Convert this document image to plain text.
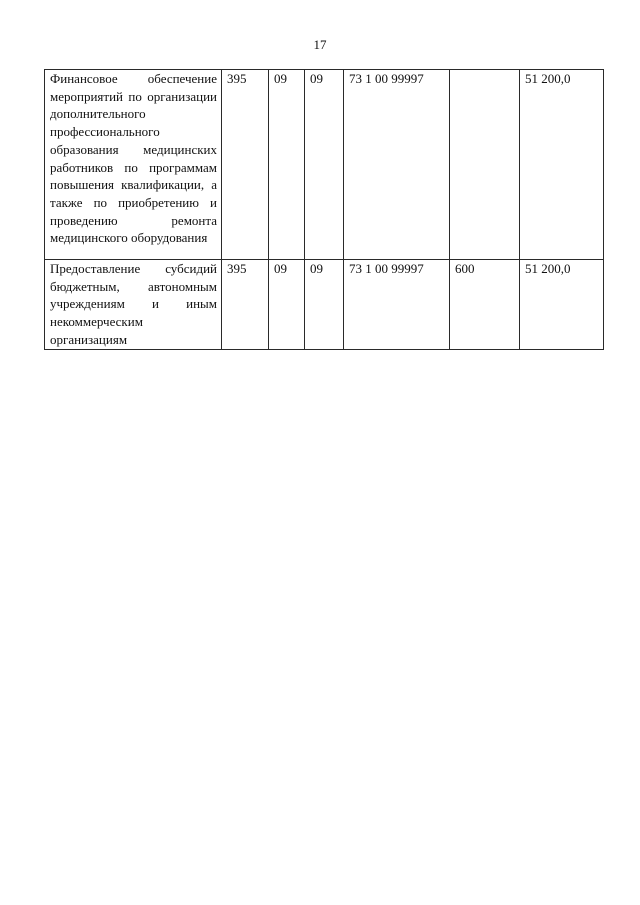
17
Финансовое обеспечение мероприятий по организации дополнительного профессионального образования медицинских работников по программам повышения квалификации, а также по приобретению и проведению ремонта медицинского оборудования	395	09	09	73 1 00 99997		51 200,0
Предоставление субсидий бюджетным, автономным учреждениям и иным некоммерческим организациям	395	09	09	73 1 00 99997	600	51 200,0
